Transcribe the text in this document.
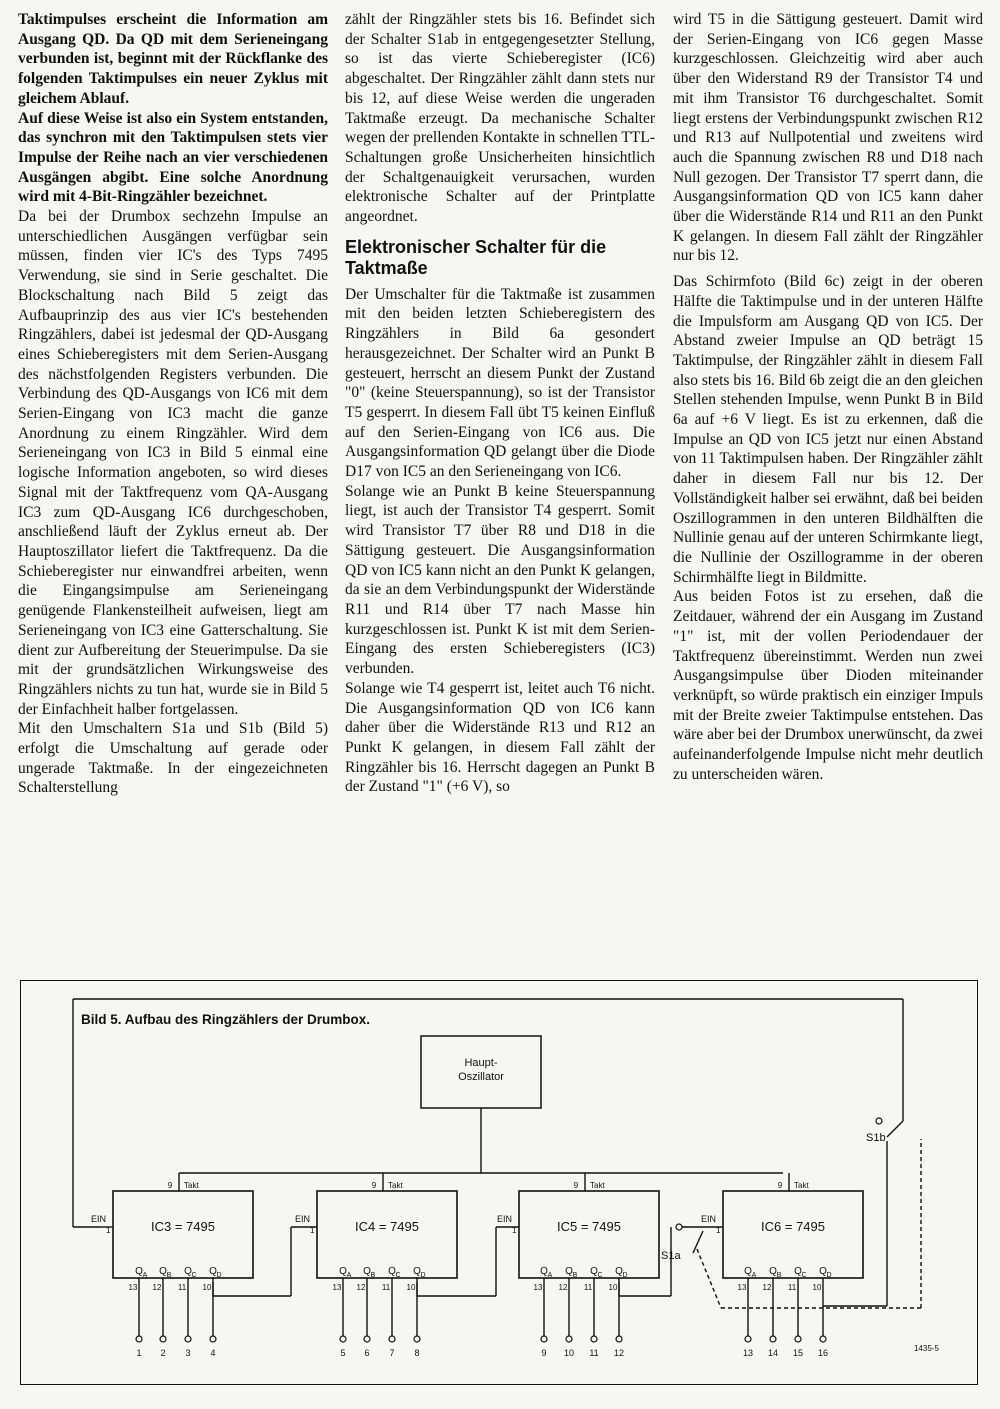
Taktimpulses erscheint die Information am Ausgang QD. Da QD mit dem Serieneingang verbunden ist, beginnt mit der Rückflanke des folgenden Taktimpulses ein neuer Zyklus mit gleichem Ablauf.

Auf diese Weise ist also ein System entstanden, das synchron mit den Taktimpulsen stets vier Impulse der Reihe nach an vier verschiedenen Ausgängen abgibt. Eine solche Anordnung wird mit 4-Bit-Ringzähler bezeichnet.

Da bei der Drumbox sechzehn Impulse an unterschiedlichen Ausgängen verfügbar sein müssen, finden vier IC's des Typs 7495 Verwendung, sie sind in Serie geschaltet. Die Blockschaltung nach Bild 5 zeigt das Aufbauprinzip des aus vier IC's bestehenden Ringzählers, dabei ist jedesmal der QD-Ausgang eines Schieberegisters mit dem Serien-Ausgang des nächstfolgenden Registers verbunden. Die Verbindung des QD-Ausgangs von IC6 mit dem Serien-Eingang von IC3 macht die ganze Anordnung zu einem Ringzähler. Wird dem Serieneingang von IC3 in Bild 5 einmal eine logische Information angeboten, so wird dieses Signal mit der Taktfrequenz vom QA-Ausgang IC3 zum QD-Ausgang IC6 durchgeschoben, anschließend läuft der Zyklus erneut ab. Der Hauptoszillator liefert die Taktfrequenz. Da die Schieberegister nur einwandfrei arbeiten, wenn die Eingangsimpulse am Serieneingang genügende Flankensteilheit aufweisen, liegt am Serieneingang von IC3 eine Gatterschaltung. Sie dient zur Aufbereitung der Steuerimpulse. Da sie mit der grundsätzlichen Wirkungsweise des Ringzählers nichts zu tun hat, wurde sie in Bild 5 der Einfachheit halber fortgelassen.

Mit den Umschaltern S1a und S1b (Bild 5) erfolgt die Umschaltung auf gerade oder ungerade Taktmaße. In der eingezeichneten Schalterstellung

zählt der Ringzähler stets bis 16. Befindet sich der Schalter S1ab in entgegengesetzter Stellung, so ist das vierte Schieberegister (IC6) abgeschaltet. Der Ringzähler zählt dann stets nur bis 12, auf diese Weise werden die ungeraden Taktmaße erzeugt. Da mechanische Schalter wegen der prellenden Kontakte in schnellen TTL-Schaltungen große Unsicherheiten hinsichtlich der Schaltgenauigkeit verursachen, wurden elektronische Schalter auf der Printplatte angeordnet.

Elektronischer Schalter für die Taktmaße

Der Umschalter für die Taktmaße ist zusammen mit den beiden letzten Schieberegistern des Ringzählers in Bild 6a gesondert herausgezeichnet. Der Schalter wird an Punkt B gesteuert, herrscht an diesem Punkt der Zustand "0" (keine Steuerspannung), so ist der Transistor T5 gesperrt. In diesem Fall übt T5 keinen Einfluß auf den Serien-Eingang von IC6 aus. Die Ausgangsinformation QD gelangt über die Diode D17 von IC5 an den Serieneingang von IC6.

Solange wie an Punkt B keine Steuerspannung liegt, ist auch der Transistor T4 gesperrt. Somit wird Transistor T7 über R8 und D18 in die Sättigung gesteuert. Die Ausgangsinformation QD von IC5 kann nicht an den Punkt K gelangen, da sie an dem Verbindungspunkt der Widerstände R11 und R14 über T7 nach Masse hin kurzgeschlossen ist. Punkt K ist mit dem Serien-Eingang des ersten Schieberegisters (IC3) verbunden.

Solange wie T4 gesperrt ist, leitet auch T6 nicht. Die Ausgangsinformation QD von IC6 kann daher über die Widerstände R13 und R12 an Punkt K gelangen, in diesem Fall zählt der Ringzähler bis 16. Herrscht dagegen an Punkt B der Zustand "1" (+6 V), so

wird T5 in die Sättigung gesteuert. Damit wird der Serien-Eingang von IC6 gegen Masse kurzgeschlossen. Gleichzeitig wird aber auch über den Widerstand R9 der Transistor T4 und mit ihm Transistor T6 durchgeschaltet. Somit liegt erstens der Verbindungspunkt zwischen R12 und R13 auf Nullpotential und zweitens wird auch die Spannung zwischen R8 und D18 nach Null gezogen. Der Transistor T7 sperrt dann, die Ausgangsinformation QD von IC5 kann daher über die Widerstände R14 und R11 an den Punkt K gelangen. In diesem Fall zählt der Ringzähler nur bis 12.

Das Schirmfoto (Bild 6c) zeigt in der oberen Hälfte die Taktimpulse und in der unteren Hälfte die Impulsform am Ausgang QD von IC5. Der Abstand zweier Impulse an QD beträgt 15 Taktimpulse, der Ringzähler zählt in diesem Fall also stets bis 16. Bild 6b zeigt die an den gleichen Stellen stehenden Impulse, wenn Punkt B in Bild 6a auf +6 V liegt. Es ist zu erkennen, daß die Impulse an QD von IC5 jetzt nur einen Abstand von 11 Taktimpulsen haben. Der Ringzähler zählt daher in diesem Fall nur bis 12. Der Vollständigkeit halber sei erwähnt, daß bei beiden Oszillogrammen in den unteren Bildhälften die Nullinie genau auf der unteren Schirmkante liegt, die Nullinie der Oszillogramme in der oberen Schirmhälfte liegt in Bildmitte.

Aus beiden Fotos ist zu ersehen, daß die Zeitdauer, während der ein Ausgang im Zustand "1" ist, mit der vollen Periodendauer der Taktfrequenz übereinstimmt. Werden nun zwei Ausgangsimpulse über Dioden miteinander verknüpft, so würde praktisch ein einziger Impuls mit der Breite zweier Taktimpulse entstehen. Das wäre aber bei der Drumbox unerwünscht, da zwei aufeinanderfolgende Impulse nicht mehr deutlich zu unterscheiden wären.

Bild 5. Aufbau des Ringzählers der Drumbox.
Haupt-
Oszillator
IC3 = 7495
9 Takt
Q A
13
1
Q B
12
2
Q C
11
3
Q D
10
4
EIN
1	IC4 = 7495
9 Takt
Q A
13
5
Q B
12
6
Q C
11
7
Q D
10
8
EIN
1	IC5 = 7495
9 Takt
Q A
13
9
Q B
12
10
Q C
11
11
Q D
10
12
EIN
1	IC6 = 7495
9 Takt
Q A
13
13
Q B
12
14
Q C
11
15
Q D
10
16
EIN
1
S1a
S1b
1435-5
